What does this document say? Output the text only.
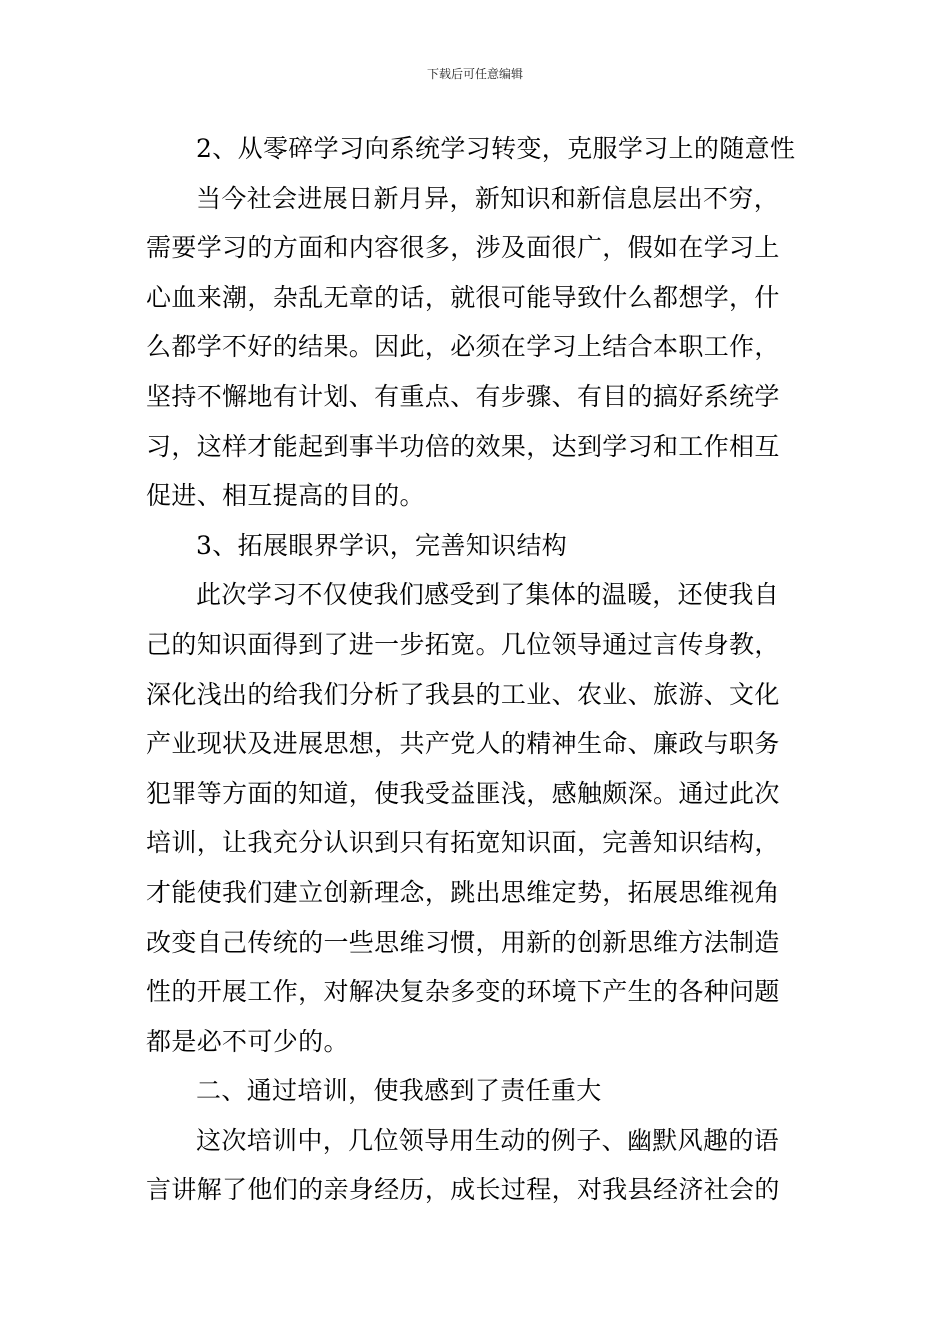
下载后可任意编辑
2、从零碎学习向系统学习转变，克服学习上的随意性
当今社会进展日新月异，新知识和新信息层出不穷，
需要学习的方面和内容很多，涉及面很广，假如在学习上
心血来潮，杂乱无章的话，就很可能导致什么都想学，什
么都学不好的结果。因此，必须在学习上结合本职工作，
坚持不懈地有计划、有重点、有步骤、有目的搞好系统学
习，这样才能起到事半功倍的效果，达到学习和工作相互
促进、相互提高的目的。
3、拓展眼界学识，完善知识结构
此次学习不仅使我们感受到了集体的温暖，还使我自
己的知识面得到了进一步拓宽。几位领导通过言传身教，
深化浅出的给我们分析了我县的工业、农业、旅游、文化
产业现状及进展思想，共产党人的精神生命、廉政与职务
犯罪等方面的知道，使我受益匪浅，感触颇深。通过此次
培训，让我充分认识到只有拓宽知识面，完善知识结构，
才能使我们建立创新理念，跳出思维定势，拓展思维视角
改变自己传统的一些思维习惯，用新的创新思维方法制造
性的开展工作，对解决复杂多变的环境下产生的各种问题
都是必不可少的。
二、通过培训，使我感到了责任重大
这次培训中，几位领导用生动的例子、幽默风趣的语
言讲解了他们的亲身经历，成长过程，对我县经济社会的
